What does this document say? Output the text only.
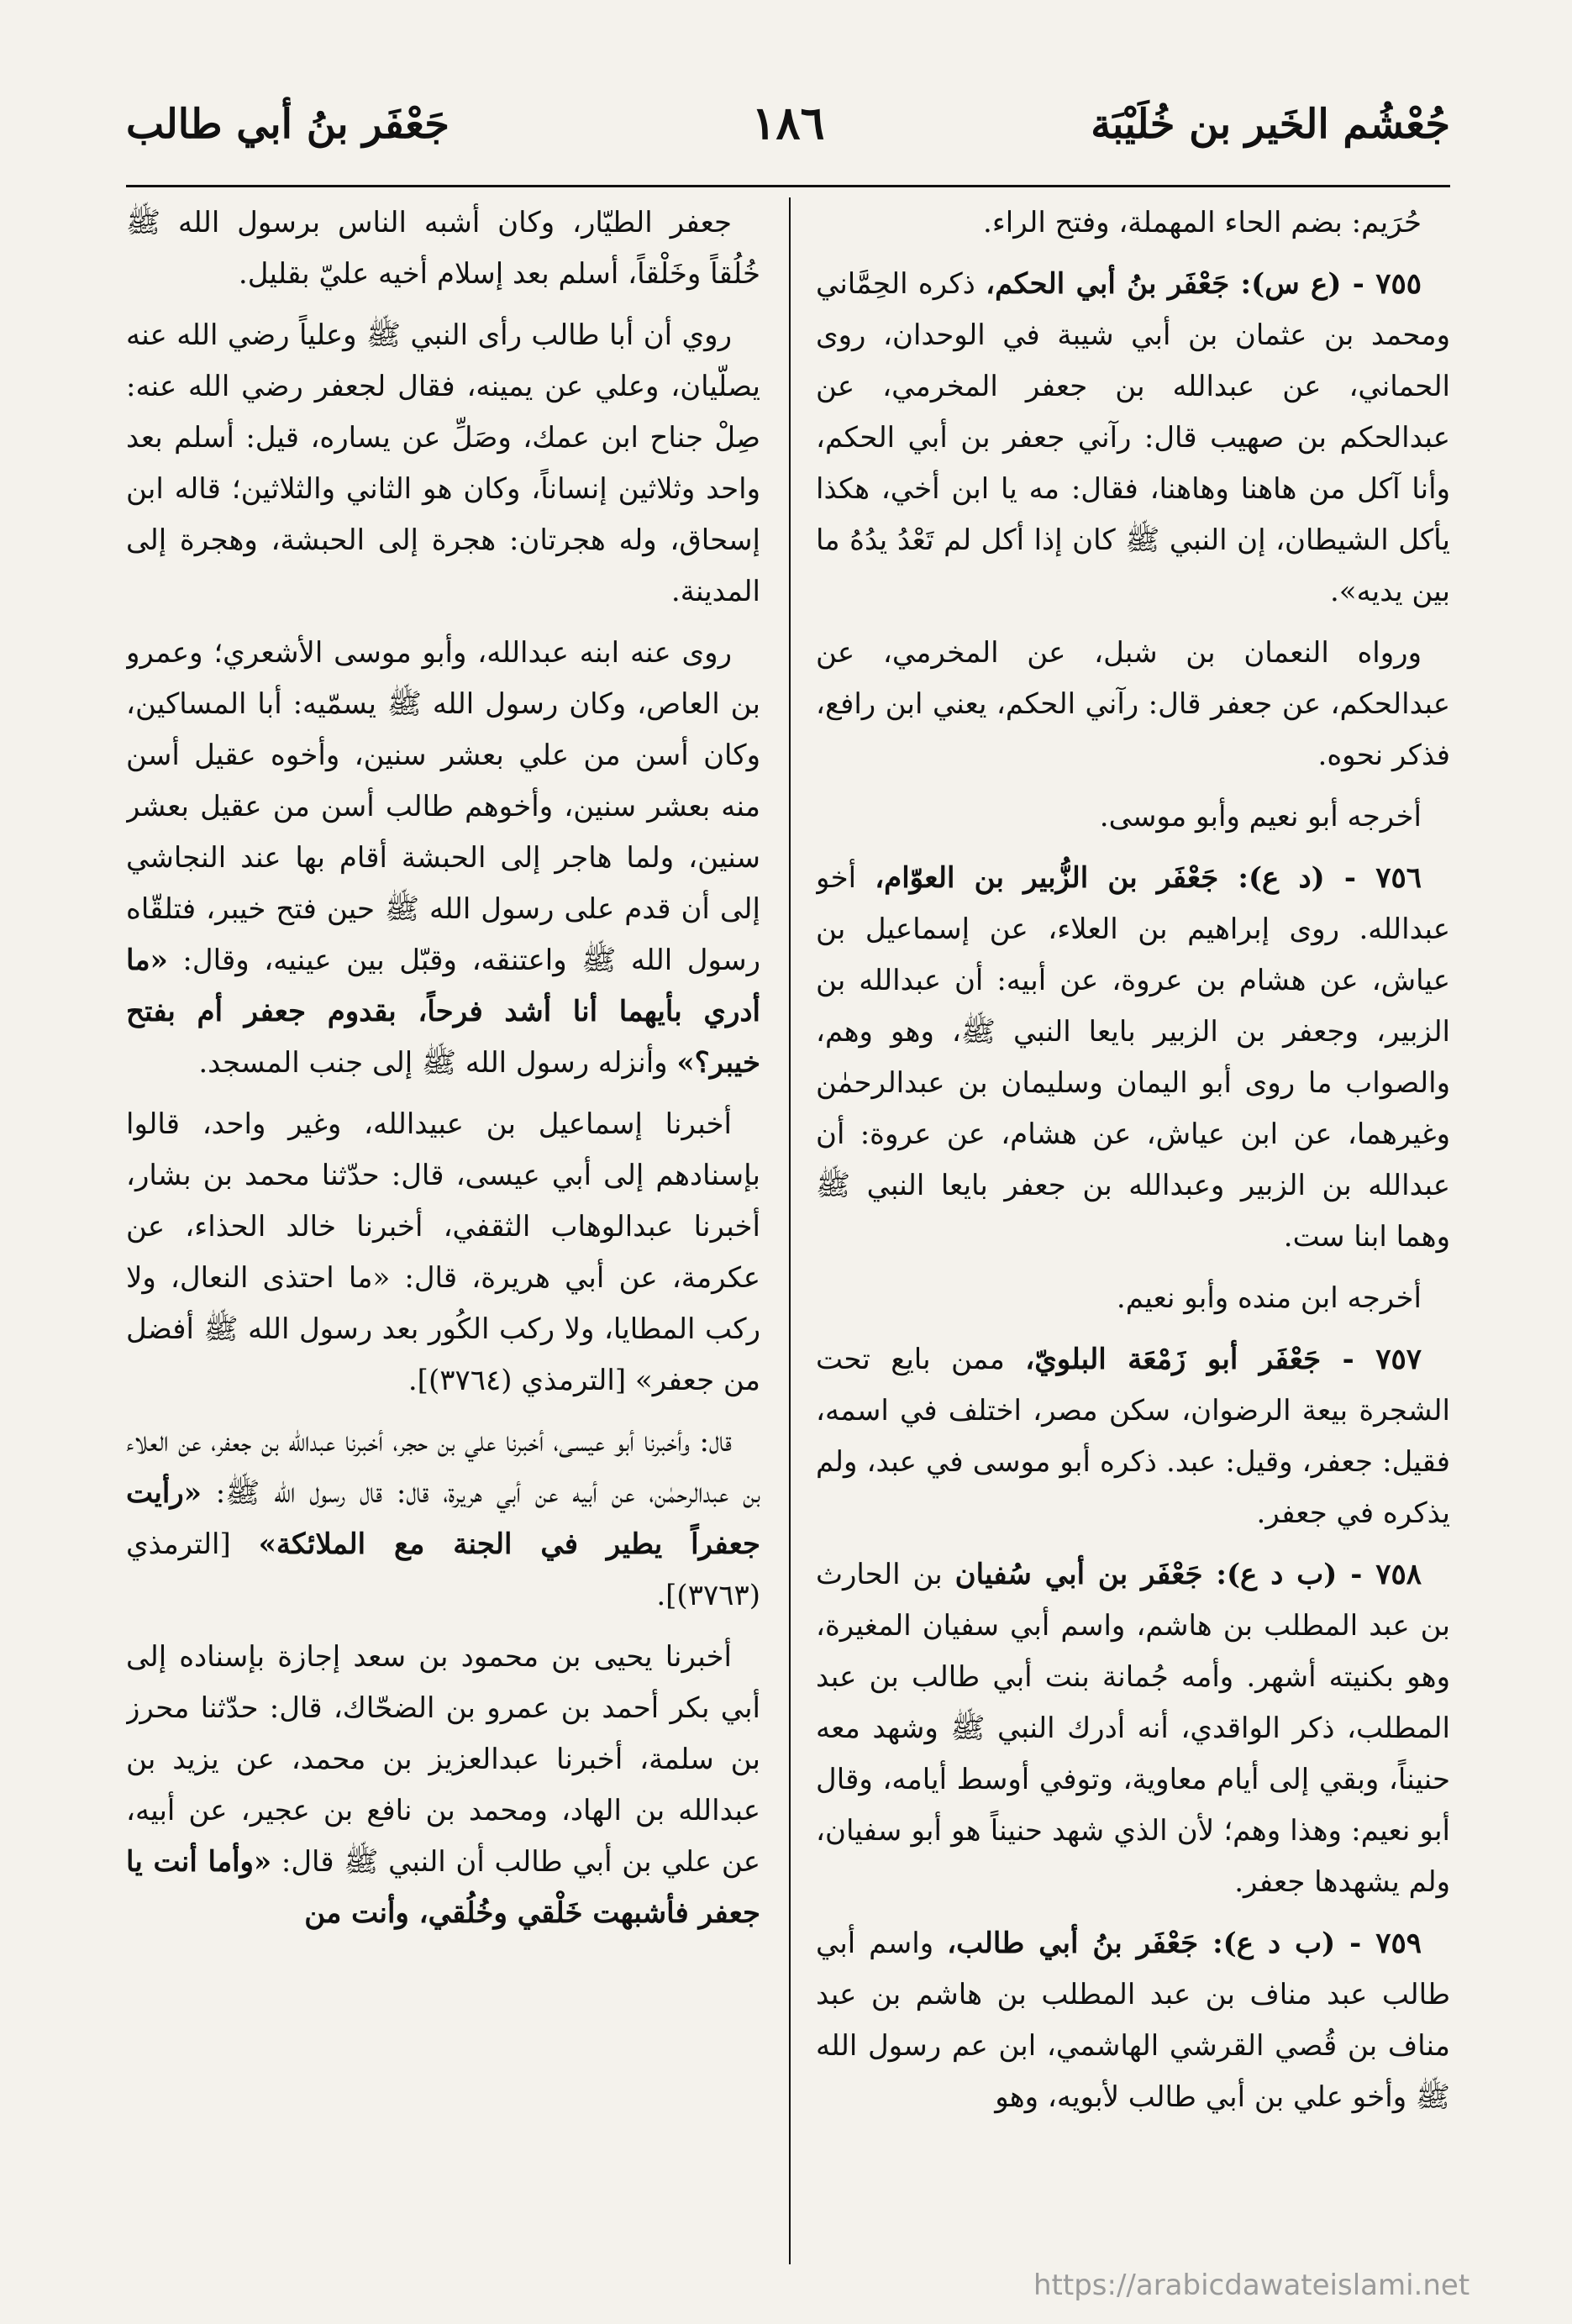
جُعْشُم الخَير بن خُلَيْبَة
١٨٦
جَعْفَر بنُ أبي طالب

حُرَيم: بضم الحاء المهملة، وفتح الراء.

٧٥٥ - (ع س): جَعْفَر بنُ أبي الحكم، ذكره الحِمَّاني ومحمد بن عثمان بن أبي شيبة في الوحدان، روى الحماني، عن عبدالله بن جعفر المخرمي، عن عبدالحكم بن صهيب قال: رآني جعفر بن أبي الحكم، وأنا آكل من هاهنا وهاهنا، فقال: مه يا ابن أخي، هكذا يأكل الشيطان، إن النبي ﷺ كان إذا أكل لم تَعْدُ يدُهُ ما بين يديه».

ورواه النعمان بن شبل، عن المخرمي، عن عبدالحكم، عن جعفر قال: رآني الحكم، يعني ابن رافع، فذكر نحوه.

أخرجه أبو نعيم وأبو موسى.

٧٥٦ - (د ع): جَعْفَر بن الزُّبير بن العوّام، أخو عبدالله. روى إبراهيم بن العلاء، عن إسماعيل بن عياش، عن هشام بن عروة، عن أبيه: أن عبدالله بن الزبير، وجعفر بن الزبير بايعا النبي ﷺ، وهو وهم، والصواب ما روى أبو اليمان وسليمان بن عبدالرحمٰن وغيرهما، عن ابن عياش، عن هشام، عن عروة: أن عبدالله بن الزبير وعبدالله بن جعفر بايعا النبي ﷺ وهما ابنا ست.

أخرجه ابن منده وأبو نعيم.

٧٥٧ - جَعْفَر أبو زَمْعَة البلويّ، ممن بايع تحت الشجرة بيعة الرضوان، سكن مصر، اختلف في اسمه، فقيل: جعفر، وقيل: عبد. ذكره أبو موسى في عبد، ولم يذكره في جعفر.

٧٥٨ - (ب د ع): جَعْفَر بن أبي سُفيان بن الحارث بن عبد المطلب بن هاشم، واسم أبي سفيان المغيرة، وهو بكنيته أشهر. وأمه جُمانة بنت أبي طالب بن عبد المطلب، ذكر الواقدي، أنه أدرك النبي ﷺ وشهد معه حنيناً، وبقي إلى أيام معاوية، وتوفي أوسط أيامه، وقال أبو نعيم: وهذا وهم؛ لأن الذي شهد حنيناً هو أبو سفيان، ولم يشهدها جعفر.

٧٥٩ - (ب د ع): جَعْفَر بنُ أبي طالب، واسم أبي طالب عبد مناف بن عبد المطلب بن هاشم بن عبد مناف بن قُصي القرشي الهاشمي، ابن عم رسول الله ﷺ وأخو علي بن أبي طالب لأبويه، وهو

جعفر الطيّار، وكان أشبه الناس برسول الله ﷺ خُلُقاً وخَلْقاً، أسلم بعد إسلام أخيه عليّ بقليل.

روي أن أبا طالب رأى النبي ﷺ وعلياً رضي الله عنه يصلّيان، وعلي عن يمينه، فقال لجعفر رضي الله عنه: صِلْ جناح ابن عمك، وصَلِّ عن يساره، قيل: أسلم بعد واحد وثلاثين إنساناً، وكان هو الثاني والثلاثين؛ قاله ابن إسحاق، وله هجرتان: هجرة إلى الحبشة، وهجرة إلى المدينة.

روى عنه ابنه عبدالله، وأبو موسى الأشعري؛ وعمرو بن العاص، وكان رسول الله ﷺ يسمّيه: أبا المساكين، وكان أسن من علي بعشر سنين، وأخوه عقيل أسن منه بعشر سنين، وأخوهم طالب أسن من عقيل بعشر سنين، ولما هاجر إلى الحبشة أقام بها عند النجاشي إلى أن قدم على رسول الله ﷺ حين فتح خيبر، فتلقّاه رسول الله ﷺ واعتنقه، وقبّل بين عينيه، وقال: «ما أدري بأيهما أنا أشد فرحاً، بقدوم جعفر أم بفتح خيبر؟» وأنزله رسول الله ﷺ إلى جنب المسجد.

أخبرنا إسماعيل بن عبيدالله، وغير واحد، قالوا بإسنادهم إلى أبي عيسى، قال: حدّثنا محمد بن بشار، أخبرنا عبدالوهاب الثقفي، أخبرنا خالد الحذاء، عن عكرمة، عن أبي هريرة، قال: «ما احتذى النعال، ولا ركب المطايا، ولا ركب الكُور بعد رسول الله ﷺ أفضل من جعفر» [الترمذي (٣٧٦٤)].

قال: وأخبرنا أبو عيسى، أخبرنا علي بن حجر، أخبرنا عبدالله بن جعفر، عن العلاء بن عبدالرحمٰن، عن أبيه عن أبي هريرة، قال: قال رسول الله ﷺ: «رأيت جعفراً يطير في الجنة مع الملائكة» [الترمذي (٣٧٦٣)].

أخبرنا يحيى بن محمود بن سعد إجازة بإسناده إلى أبي بكر أحمد بن عمرو بن الضحّاك، قال: حدّثنا محرز بن سلمة، أخبرنا عبدالعزيز بن محمد، عن يزيد بن عبدالله بن الهاد، ومحمد بن نافع بن عجير، عن أبيه، عن علي بن أبي طالب أن النبي ﷺ قال: «وأما أنت يا جعفر فأشبهت خَلْقي وخُلُقي، وأنت من

https://arabicdawateislami.net
